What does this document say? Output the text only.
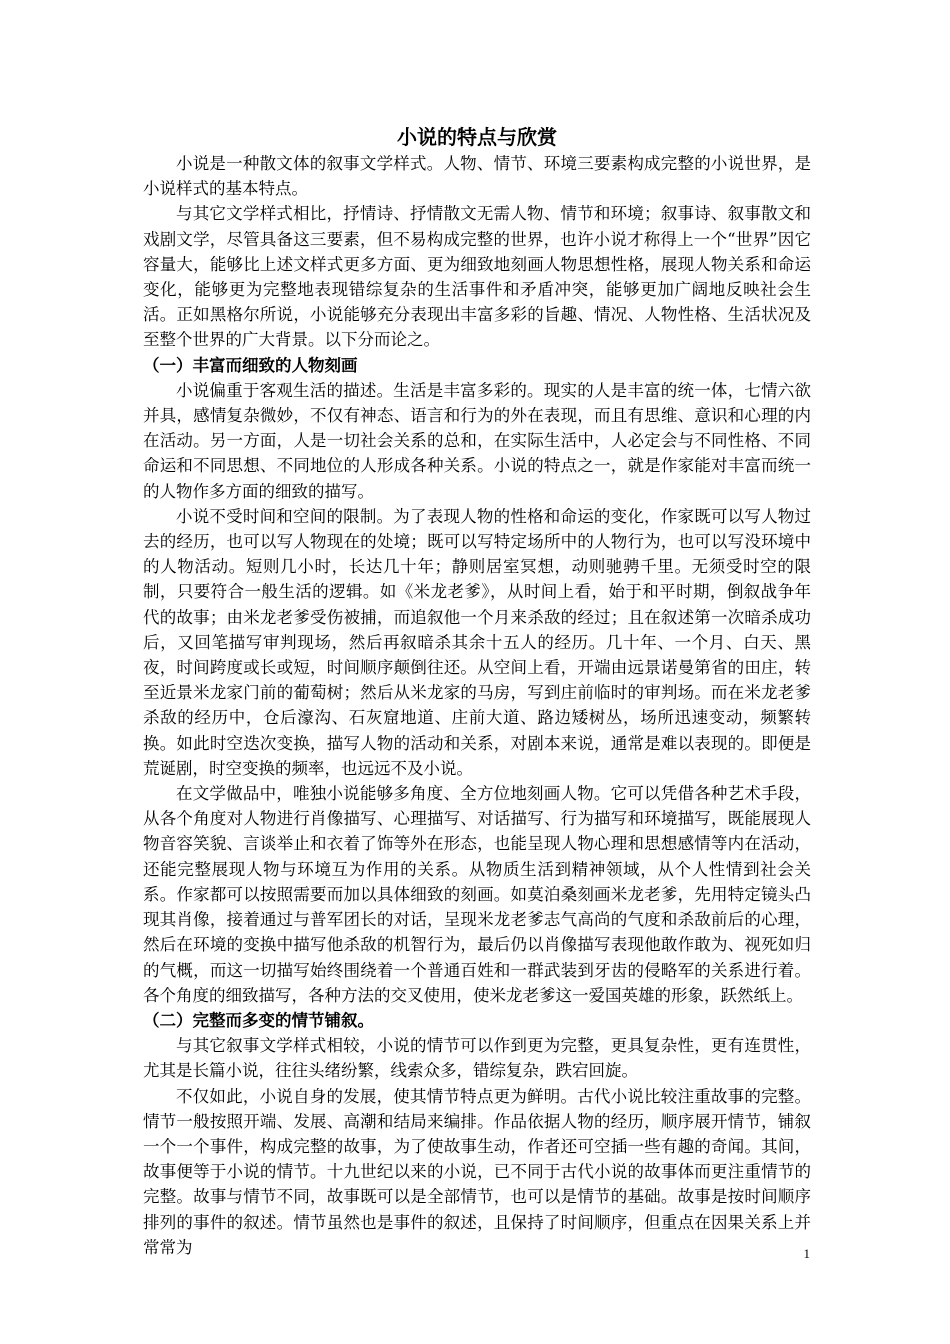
小说的特点与欣赏

小说是一种散文体的叙事文学样式。人物、情节、环境三要素构成完整的小说世界，是小说样式的基本特点。

与其它文学样式相比，抒情诗、抒情散文无需人物、情节和环境；叙事诗、叙事散文和戏剧文学，尽管具备这三要素，但不易构成完整的世界，也许小说才称得上一个“世界”因它容量大，能够比上述文样式更多方面、更为细致地刻画人物思想性格，展现人物关系和命运变化，能够更为完整地表现错综复杂的生活事件和矛盾冲突，能够更加广阔地反映社会生活。正如黑格尔所说，小说能够充分表现出丰富多彩的旨趣、情况、人物性格、生活状况及至整个世界的广大背景。以下分而论之。

（一）丰富而细致的人物刻画

小说偏重于客观生活的描述。生活是丰富多彩的。现实的人是丰富的统一体，七情六欲并具，感情复杂微妙，不仅有神态、语言和行为的外在表现，而且有思维、意识和心理的内在活动。另一方面，人是一切社会关系的总和，在实际生活中，人必定会与不同性格、不同命运和不同思想、不同地位的人形成各种关系。小说的特点之一，就是作家能对丰富而统一的人物作多方面的细致的描写。

小说不受时间和空间的限制。为了表现人物的性格和命运的变化，作家既可以写人物过去的经历，也可以写人物现在的处境；既可以写特定场所中的人物行为，也可以写没环境中的人物活动。短则几小时，长达几十年；静则居室冥想，动则驰骋千里。无须受时空的限制，只要符合一般生活的逻辑。如《米龙老爹》，从时间上看，始于和平时期，倒叙战争年代的故事；由米龙老爹受伤被捕，而追叙他一个月来杀敌的经过；且在叙述第一次暗杀成功后，又回笔描写审判现场，然后再叙暗杀其余十五人的经历。几十年、一个月、白天、黑夜，时间跨度或长或短，时间顺序颠倒往还。从空间上看，开端由远景诺曼第省的田庄，转至近景米龙家门前的葡萄树；然后从米龙家的马房，写到庄前临时的审判场。而在米龙老爹杀敌的经历中，仓后濠沟、石灰窟地道、庄前大道、路边矮树丛，场所迅速变动，频繁转换。如此时空迭次变换，描写人物的活动和关系，对剧本来说，通常是难以表现的。即便是荒诞剧，时空变换的频率，也远远不及小说。

在文学做品中，唯独小说能够多角度、全方位地刻画人物。它可以凭借各种艺术手段，从各个角度对人物进行肖像描写、心理描写、对话描写、行为描写和环境描写，既能展现人物音容笑貌、言谈举止和衣着了饰等外在形态，也能呈现人物心理和思想感情等内在活动，还能完整展现人物与环境互为作用的关系。从物质生活到精神领域，从个人性情到社会关系。作家都可以按照需要而加以具体细致的刻画。如莫泊桑刻画米龙老爹，先用特定镜头凸现其肖像，接着通过与普军团长的对话，呈现米龙老爹志气高尚的气度和杀敌前后的心理，然后在环境的变换中描写他杀敌的机智行为，最后仍以肖像描写表现他敢作敢为、视死如归的气概，而这一切描写始终围绕着一个普通百姓和一群武装到牙齿的侵略军的关系进行着。各个角度的细致描写，各种方法的交叉使用，使米龙老爹这一爱国英雄的形象，跃然纸上。

（二）完整而多变的情节铺叙。

与其它叙事文学样式相较，小说的情节可以作到更为完整，更具复杂性，更有连贯性，尤其是长篇小说，往往头绪纷繁，线索众多，错综复杂，跌宕回旋。

不仅如此，小说自身的发展，使其情节特点更为鲜明。古代小说比较注重故事的完整。情节一般按照开端、发展、高潮和结局来编排。作品依据人物的经历，顺序展开情节，铺叙一个一个事件，构成完整的故事，为了使故事生动，作者还可空插一些有趣的奇闻。其间，故事便等于小说的情节。十九世纪以来的小说，已不同于古代小说的故事体而更注重情节的完整。故事与情节不同，故事既可以是全部情节，也可以是情节的基础。故事是按时间顺序排列的事件的叙述。情节虽然也是事件的叙述，且保持了时间顺序，但重点在因果关系上并常常为	1
